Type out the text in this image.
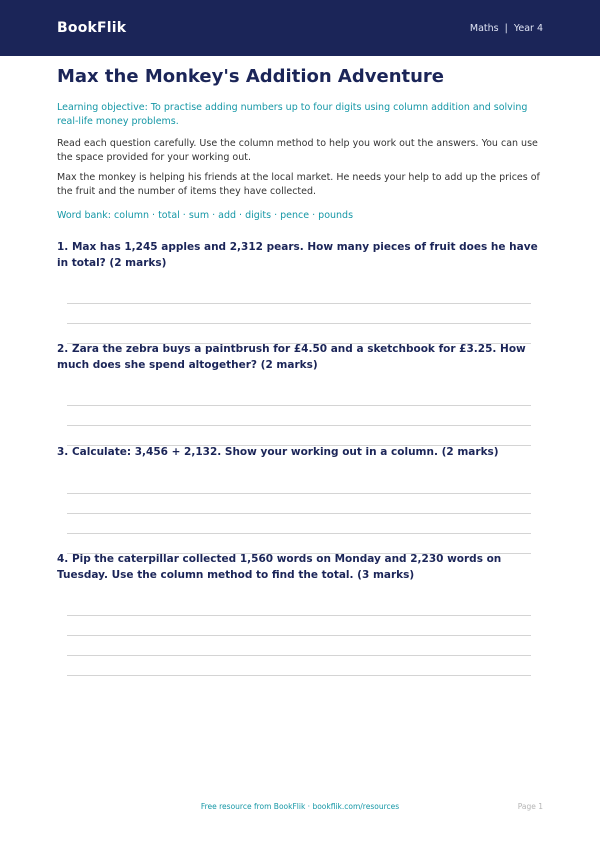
BookFlik	Maths | Year 4
Max the Monkey's Addition Adventure

Learning objective: To practise adding numbers up to four digits using column addition and solving real-life money problems.

Read each question carefully. Use the column method to help you work out the answers. You can use the space provided for your working out.

Max the monkey is helping his friends at the local market. He needs your help to add up the prices of the fruit and the number of items they have collected.

Word bank: column · total · sum · add · digits · pence · pounds

1. Max has 1,245 apples and 2,312 pears. How many pieces of fruit does he have in total? (2 marks)

2. Zara the zebra buys a paintbrush for £4.50 and a sketchbook for £3.25. How much does she spend altogether? (2 marks)

3. Calculate: 3,456 + 2,132. Show your working out in a column. (2 marks)

4. Pip the caterpillar collected 1,560 words on Monday and 2,230 words on Tuesday. Use the column method to find the total. (3 marks)

Free resource from BookFlik · bookflik.com/resources	Page 1
